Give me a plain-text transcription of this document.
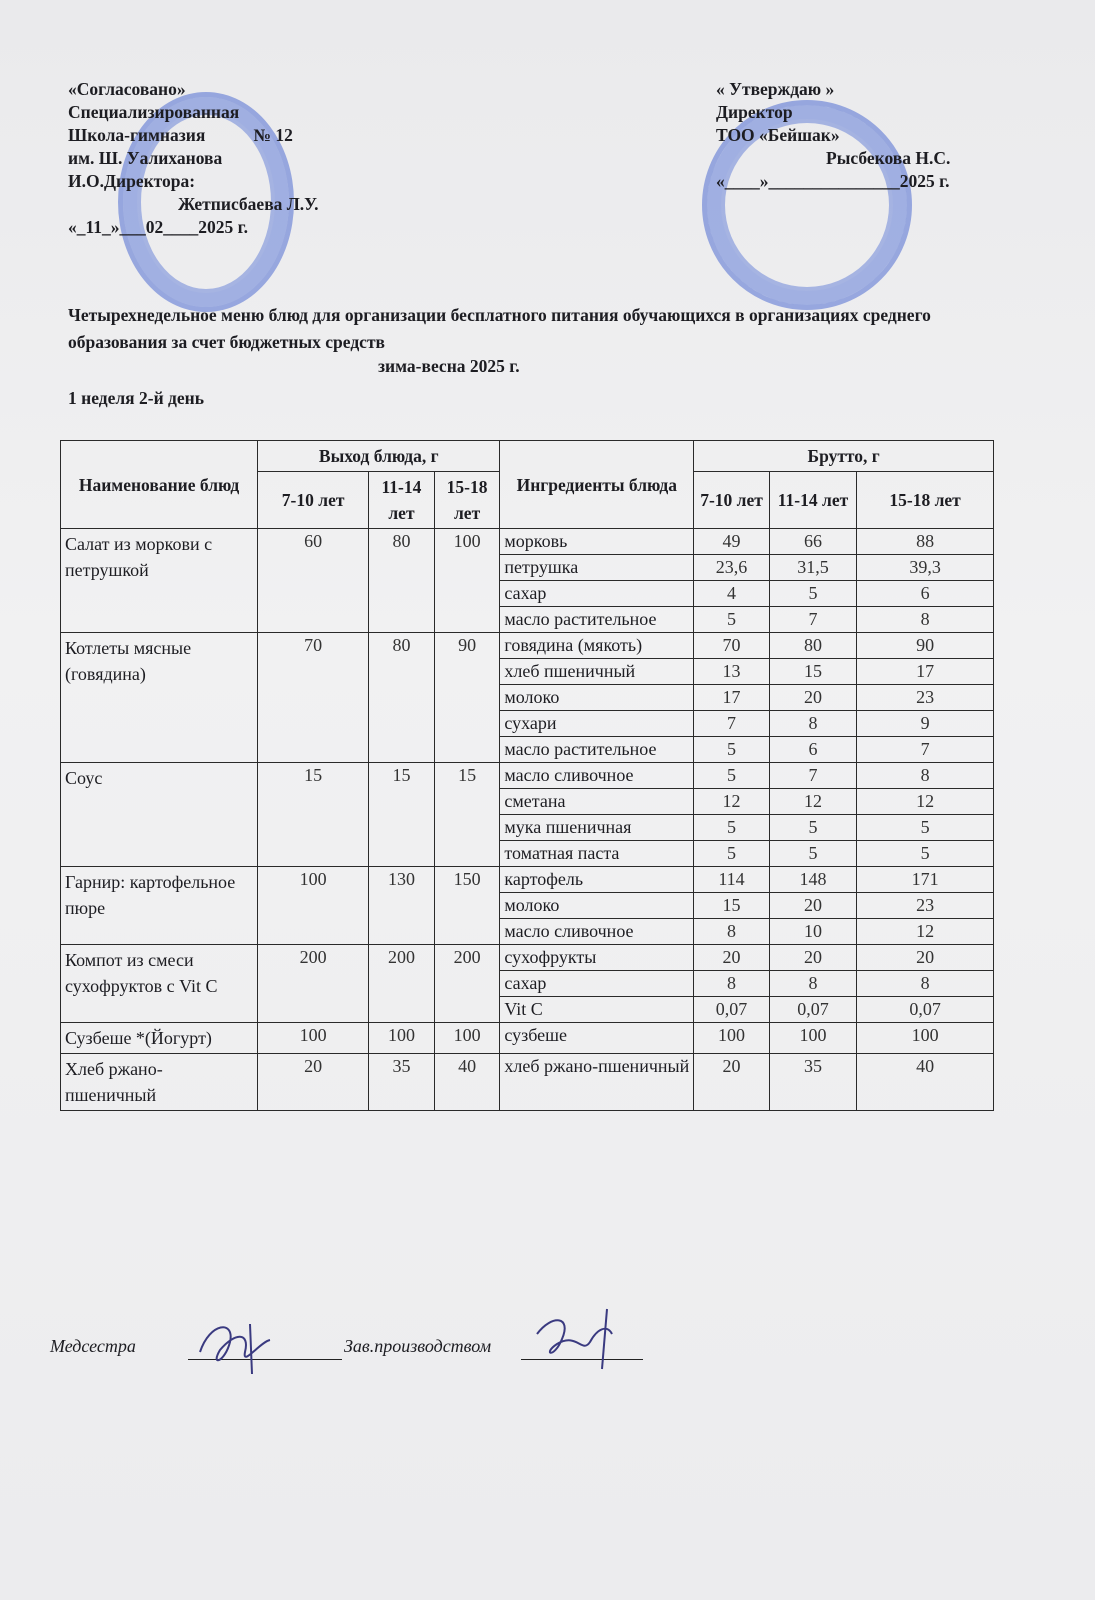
«Согласовано»
Специализированная
Школа-гимназия	№ 12
им. Ш. Уалиханова
И.О.Директора:
Жетписбаева Л.У.
«_11_»___02____2025 г.
« Утверждаю »
Директор
ТОО «Бейшак»
Рысбекова Н.С.
«____»_______________2025 г.
Четырехнедельное меню блюд для организации бесплатного питания обучающихся в организациях среднего образования за счет бюджетных средств
зима-весна 2025 г.
1 неделя 2-й день
Наименование блюд	Выход блюда, г			Ингредиенты блюда	Брутто, г		
	7-10 лет	11-14 лет	15-18 лет		7-10 лет	11-14 лет	15-18 лет
Салат из моркови с петрушкой	60	80	100	морковь	49	66	88
				петрушка	23,6	31,5	39,3
				сахар	4	5	6
				масло растительное	5	7	8
Котлеты мясные (говядина)	70	80	90	говядина (мякоть)	70	80	90
				хлеб пшеничный	13	15	17
				молоко	17	20	23
				сухари	7	8	9
				масло растительное	5	6	7
Соус	15	15	15	масло сливочное	5	7	8
				сметана	12	12	12
				мука пшеничная	5	5	5
				томатная паста	5	5	5
Гарнир: картофельное пюре	100	130	150	картофель	114	148	171
				молоко	15	20	23
				масло сливочное	8	10	12
Компот из смеси сухофруктов с Vit C	200	200	200	сухофрукты	20	20	20
				сахар	8	8	8
				Vit C	0,07	0,07	0,07
Сузбеше *(Йогурт)	100	100	100	сузбеше	100	100	100
Хлеб ржано-пшеничный	20	35	40	хлеб ржано-пшеничный	20	35	40
Медсестра	Зав.производством
